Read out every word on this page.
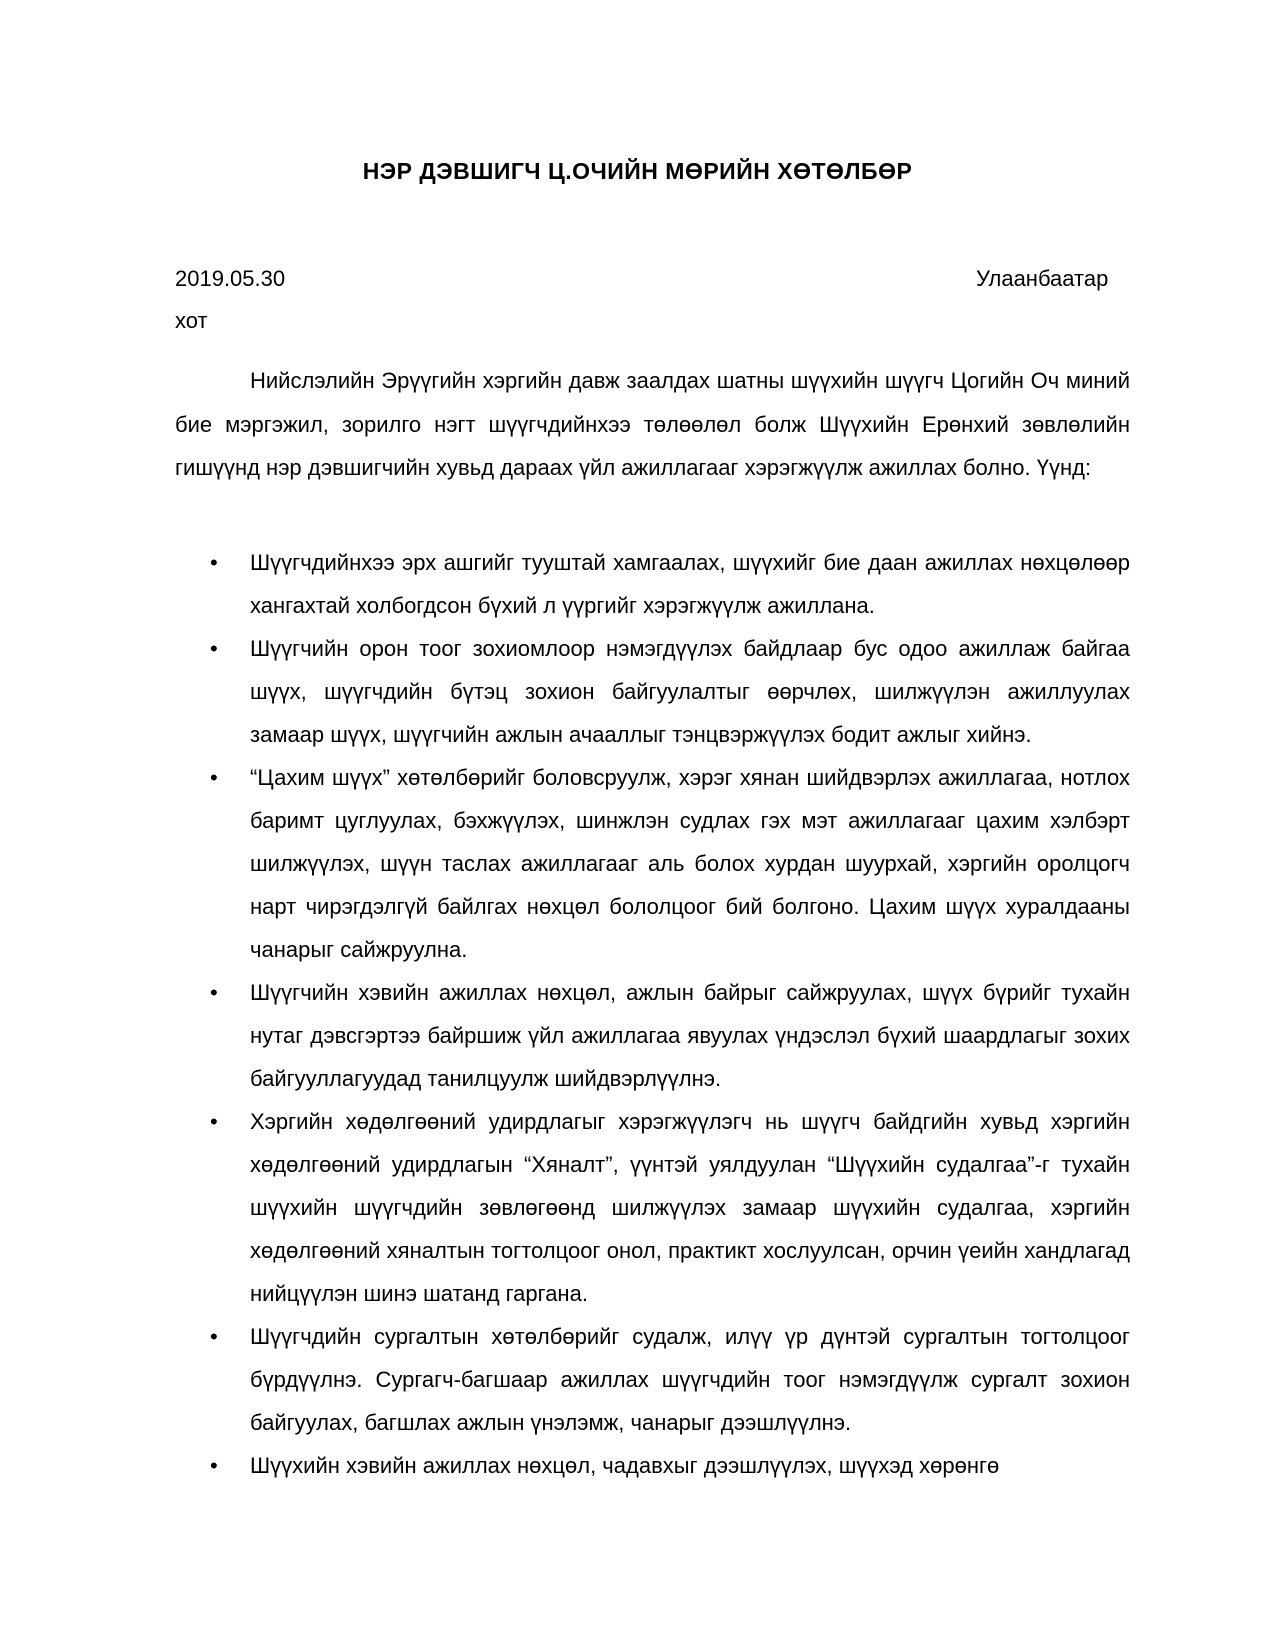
НЭР ДЭВШИГЧ Ц.ОЧИЙН МӨРИЙН ХӨТӨЛБӨР
2019.05.30	Улаанбаатар
хот

Нийслэлийн Эрүүгийн хэргийн давж заалдах шатны шүүхийн шүүгч Цогийн Оч миний бие мэргэжил, зорилго нэгт шүүгчдийнхээ төлөөлөл болж Шүүхийн Ерөнхий зөвлөлийн гишүүнд нэр дэвшигчийн хувьд дараах үйл ажиллагааг хэрэгжүүлж ажиллах болно. Үүнд:

• Шүүгчдийнхээ эрх ашгийг тууштай хамгаалах, шүүхийг бие даан ажиллах нөхцөлөөр хангахтай холбогдсон бүхий л үүргийг хэрэгжүүлж ажиллана.
• Шүүгчийн орон тоог зохиомлоор нэмэгдүүлэх байдлаар бус одоо ажиллаж байгаа шүүх, шүүгчдийн бүтэц зохион байгуулалтыг өөрчлөх, шилжүүлэн ажиллуулах замаар шүүх, шүүгчийн ажлын ачааллыг тэнцвэржүүлэх бодит ажлыг хийнэ.
• “Цахим шүүх” хөтөлбөрийг боловсруулж, хэрэг хянан шийдвэрлэх ажиллагаа, нотлох баримт цуглуулах, бэхжүүлэх, шинжлэн судлах гэх мэт ажиллагааг цахим хэлбэрт шилжүүлэх, шүүн таслах ажиллагааг аль болох хурдан шуурхай, хэргийн оролцогч нарт чирэгдэлгүй байлгах нөхцөл бололцоог бий болгоно. Цахим шүүх хуралдааны чанарыг сайжруулна.
• Шүүгчийн хэвийн ажиллах нөхцөл, ажлын байрыг сайжруулах, шүүх бүрийг тухайн нутаг дэвсгэртээ байршиж үйл ажиллагаа явуулах үндэслэл бүхий шаардлагыг зохих байгууллагуудад танилцуулж шийдвэрлүүлнэ.
• Хэргийн хөдөлгөөний удирдлагыг хэрэгжүүлэгч нь шүүгч байдгийн хувьд хэргийн хөдөлгөөний удирдлагын “Хяналт”, үүнтэй уялдуулан “Шүүхийн судалгаа”-г тухайн шүүхийн шүүгчдийн зөвлөгөөнд шилжүүлэх замаар шүүхийн судалгаа, хэргийн хөдөлгөөний хяналтын тогтолцоог онол, практикт хослуулсан, орчин үеийн хандлагад нийцүүлэн шинэ шатанд гаргана.
• Шүүгчдийн сургалтын хөтөлбөрийг судалж, илүү үр дүнтэй сургалтын тогтолцоог бүрдүүлнэ. Сургагч-багшаар ажиллах шүүгчдийн тоог нэмэгдүүлж сургалт зохион байгуулах, багшлах ажлын үнэлэмж, чанарыг дээшлүүлнэ.
• Шүүхийн хэвийн ажиллах нөхцөл, чадавхыг дээшлүүлэх, шүүхэд хөрөнгө
